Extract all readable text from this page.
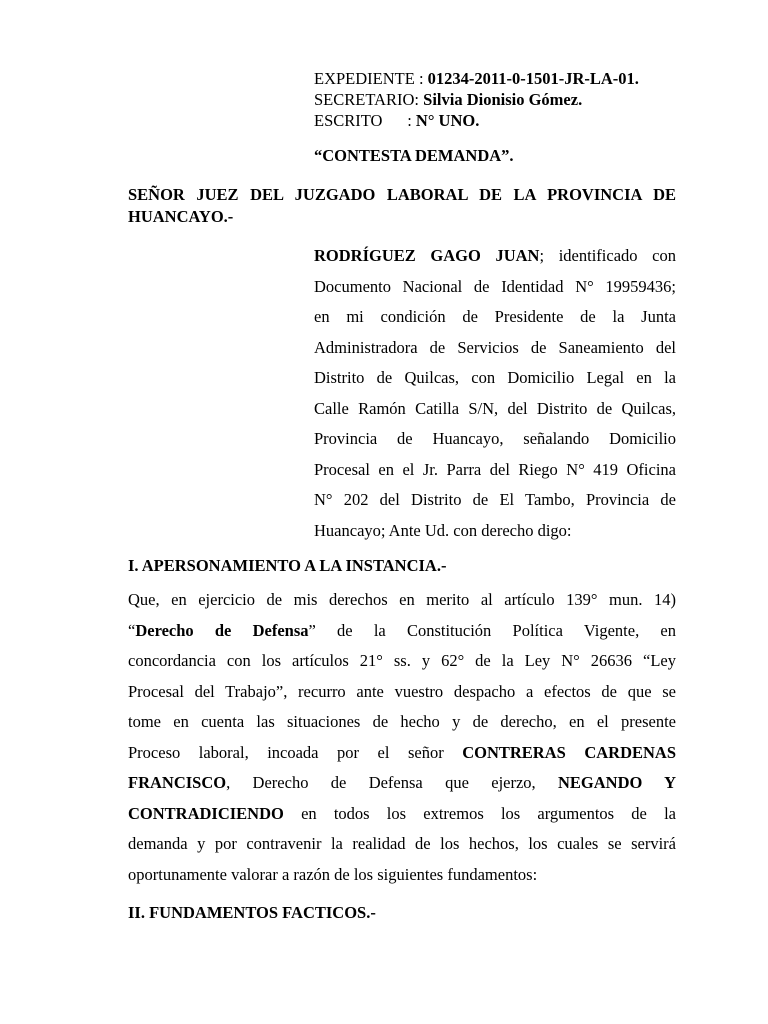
EXPEDIENTE : 01234-2011-0-1501-JR-LA-01.
SECRETARIO: Silvia Dionisio Gómez.
ESCRITO      : N° UNO.
“CONTESTA DEMANDA”.
SEÑOR JUEZ DEL JUZGADO LABORAL DE LA PROVINCIA DE
HUANCAYO.-
RODRÍGUEZ GAGO JUAN; identificado con
Documento Nacional de Identidad N° 19959436;
en mi condición de Presidente de la Junta
Administradora de Servicios de Saneamiento del
Distrito de Quilcas, con Domicilio Legal en la
Calle Ramón Catilla S/N, del Distrito de Quilcas,
Provincia de Huancayo, señalando Domicilio
Procesal en el Jr. Parra del Riego N° 419 Oficina
N° 202 del Distrito de El Tambo, Provincia de
Huancayo; Ante Ud. con derecho digo:
I. APERSONAMIENTO A LA INSTANCIA.-
Que, en ejercicio de mis derechos en merito al artículo 139° mun. 14)
“Derecho de Defensa” de la Constitución Política Vigente, en
concordancia con los artículos 21° ss. y 62° de la Ley N° 26636 “Ley
Procesal del Trabajo”, recurro ante vuestro despacho a efectos de que se
tome en cuenta las situaciones de hecho y de derecho, en el presente
Proceso laboral, incoada por el señor CONTRERAS CARDENAS
FRANCISCO, Derecho de Defensa que ejerzo, NEGANDO Y
CONTRADICIENDO en todos los extremos los argumentos de la
demanda y por contravenir la realidad de los hechos, los cuales se servirá
oportunamente valorar a razón de los siguientes fundamentos:
II. FUNDAMENTOS FACTICOS.-
